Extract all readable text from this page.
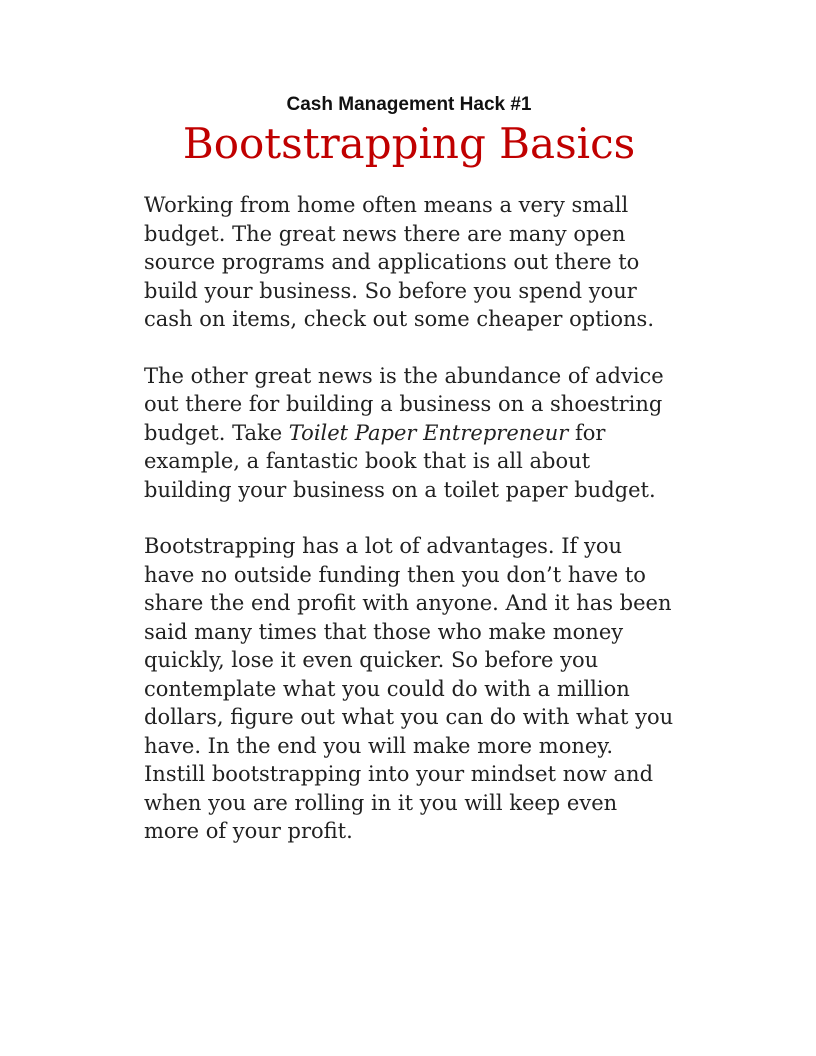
Cash Management Hack #1
Bootstrapping Basics

Working from home often means a very small budget. The great news there are many open source programs and applications out there to build your business. So before you spend your cash on items, check out some cheaper options.

The other great news is the abundance of advice out there for building a business on a shoestring budget. Take Toilet Paper Entrepreneur for example, a fantastic book that is all about building your business on a toilet paper budget.

Bootstrapping has a lot of advantages. If you have no outside funding then you don’t have to share the end profit with anyone. And it has been said many times that those who make money quickly, lose it even quicker. So before you contemplate what you could do with a million dollars, figure out what you can do with what you have. In the end you will make more money. Instill bootstrapping into your mindset now and when you are rolling in it you will keep even more of your profit.
